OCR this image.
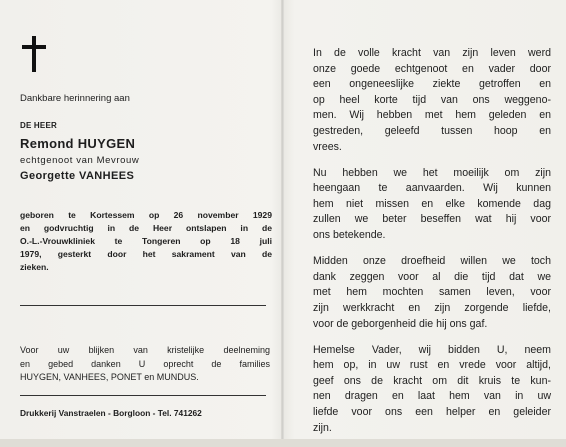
Dankbare herinnering aan
DE HEER
Remond HUYGEN
echtgenoot van Mevrouw
Georgette VANHEES
geboren te Kortessem op 26 november 1929
en godvruchtig in de Heer ontslapen in de
O.-L.-Vrouwkliniek te Tongeren op 18 juli
1979, gesterkt door het sakrament van de
zieken.
Voor uw blijken van kristelijke deelneming
en gebed danken U oprecht de families
HUYGEN, VANHEES, PONET en MUNDUS.
Drukkerij Vanstraelen - Borgloon - Tel. 741262
In de volle kracht van zijn leven werd
onze goede echtgenoot en vader door
een ongeneeslijke ziekte getroffen en
op heel korte tijd van ons weggeno-
men. Wij hebben met hem geleden en
gestreden, geleefd tussen hoop en
vrees.
Nu hebben we het moeilijk om zijn
heengaan te aanvaarden. Wij kunnen
hem niet missen en elke komende dag
zullen we beter beseffen wat hij voor
ons betekende.
Midden onze droefheid willen we toch
dank zeggen voor al die tijd dat we
met hem mochten samen leven, voor
zijn werkkracht en zijn zorgende liefde,
voor de geborgenheid die hij ons gaf.
Hemelse Vader, wij bidden U, neem
hem op, in uw rust en vrede voor altijd,
geef ons de kracht om dit kruis te kun-
nen dragen en laat hem van in uw
liefde voor ons een helper en geleider
zijn.
